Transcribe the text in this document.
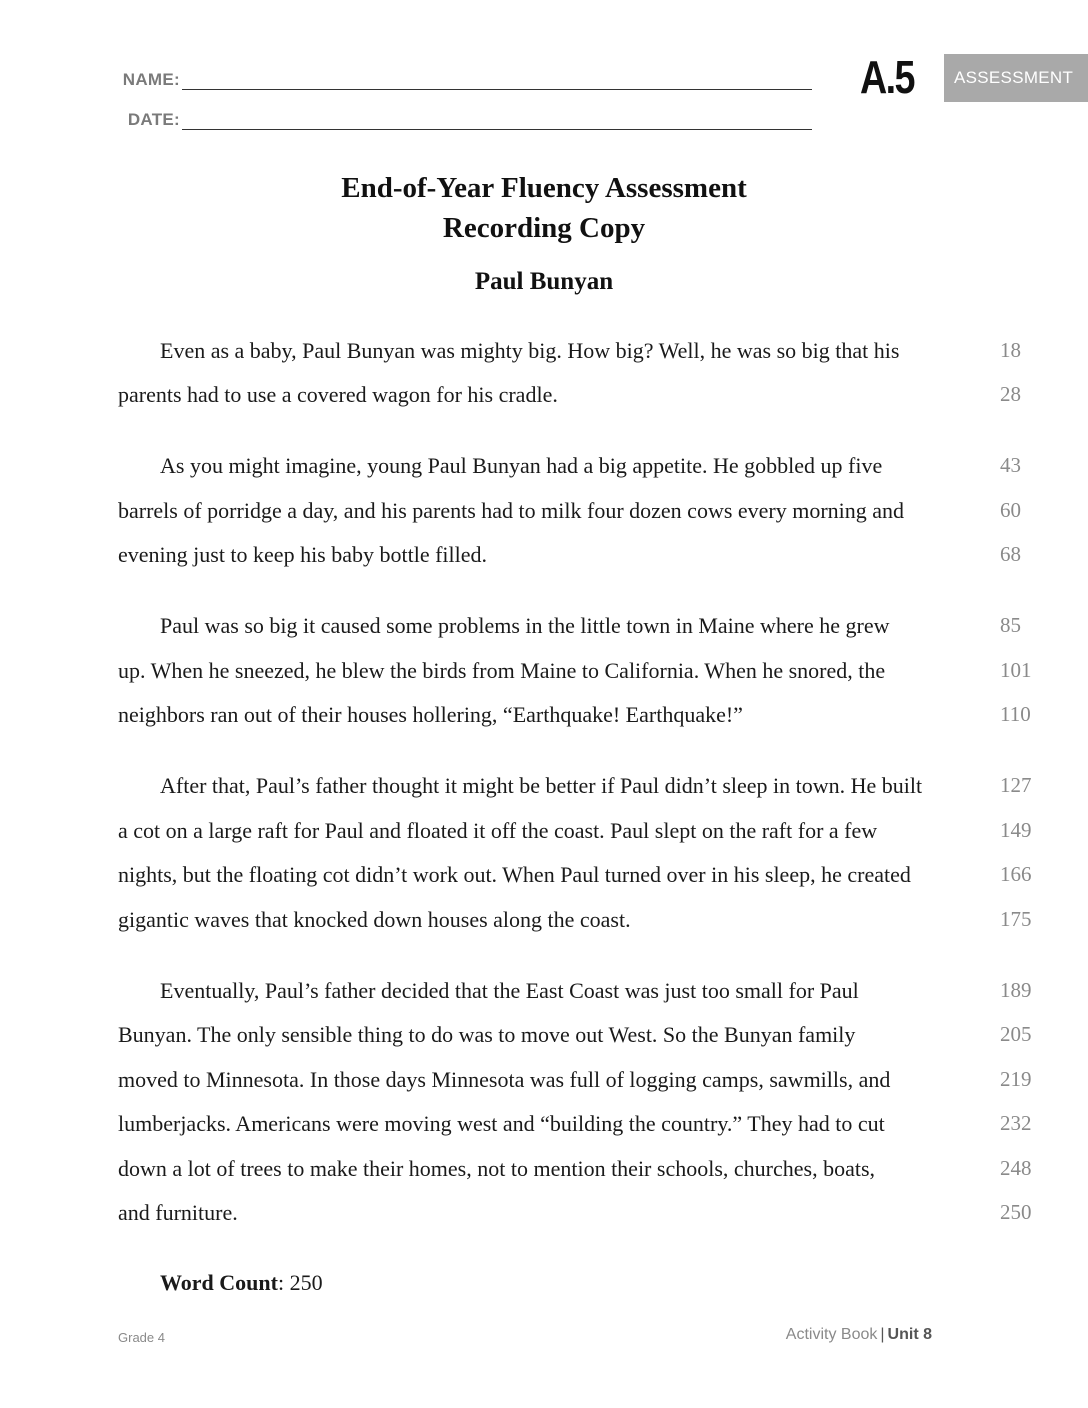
NAME:
DATE:
A.5	ASSESSMENT
End-of-Year Fluency Assessment
Recording Copy
Paul Bunyan
Even as a baby, Paul Bunyan was mighty big. How big? Well, he was so big that his	18
parents had to use a covered wagon for his cradle.	28
As you might imagine, young Paul Bunyan had a big appetite. He gobbled up five	43
barrels of porridge a day, and his parents had to milk four dozen cows every morning and	60
evening just to keep his baby bottle filled.	68
Paul was so big it caused some problems in the little town in Maine where he grew	85
up. When he sneezed, he blew the birds from Maine to California. When he snored, the	101
neighbors ran out of their houses hollering, “Earthquake! Earthquake!”	110
After that, Paul’s father thought it might be better if Paul didn’t sleep in town. He built	127
a cot on a large raft for Paul and floated it off the coast. Paul slept on the raft for a few	149
nights, but the floating cot didn’t work out. When Paul turned over in his sleep, he created	166
gigantic waves that knocked down houses along the coast.	175
Eventually, Paul’s father decided that the East Coast was just too small for Paul	189
Bunyan. The only sensible thing to do was to move out West. So the Bunyan family	205
moved to Minnesota. In those days Minnesota was full of logging camps, sawmills, and	219
lumberjacks. Americans were moving west and “building the country.” They had to cut	232
down a lot of trees to make their homes, not to mention their schools, churches, boats,	248
and furniture.	250
Word Count: 250
Grade 4	Activity Book | Unit 8
